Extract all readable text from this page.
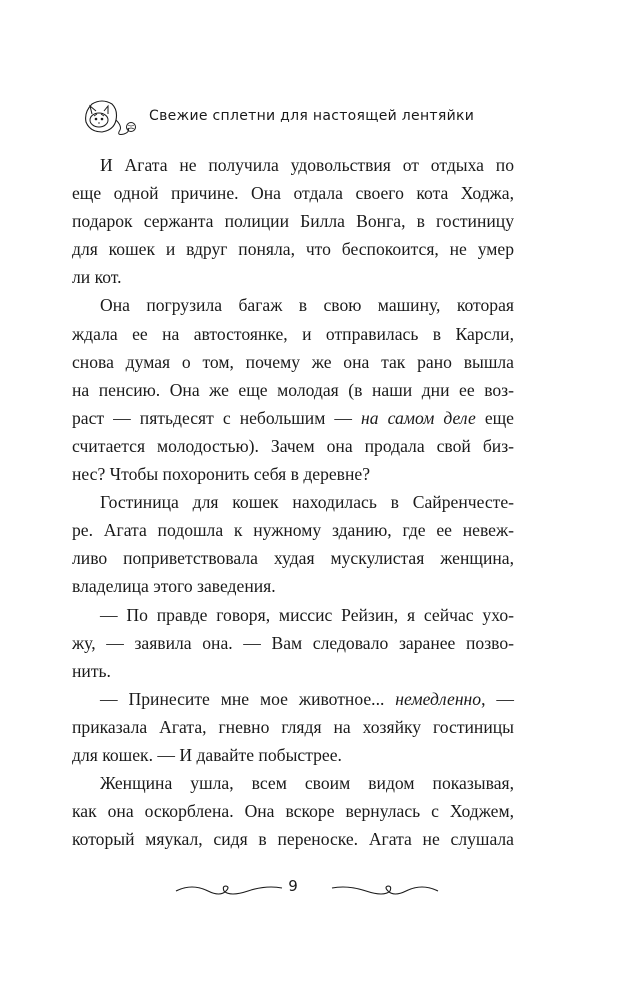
Свежие сплетни для настоящей лентяйки
И Агата не получила удовольствия от отдыха по
еще одной причине. Она отдала своего кота Ходжа,
подарок сержанта полиции Билла Вонга, в гостиницу
для кошек и вдруг поняла, что беспокоится, не умер
ли кот.
Она погрузила багаж в свою машину, которая
ждала ее на автостоянке, и отправилась в Карсли,
снова думая о том, почему же она так рано вышла
на пенсию. Она же еще молодая (в наши дни ее воз-
раст — пятьдесят с небольшим — на самом деле еще
считается молодостью). Зачем она продала свой биз-
нес? Чтобы похоронить себя в деревне?
Гостиница для кошек находилась в Сайренчесте-
ре. Агата подошла к нужному зданию, где ее невеж-
ливо поприветствовала худая мускулистая женщина,
владелица этого заведения.
— По правде говоря, миссис Рейзин, я сейчас ухо-
жу, — заявила она. — Вам следовало заранее позво-
нить.
— Принесите мне мое животное... немедленно, —
приказала Агата, гневно глядя на хозяйку гостиницы
для кошек. — И давайте побыстрее.
Женщина ушла, всем своим видом показывая,
как она оскорблена. Она вскоре вернулась с Ходжем,
который мяукал, сидя в переноске. Агата не слушала
9
